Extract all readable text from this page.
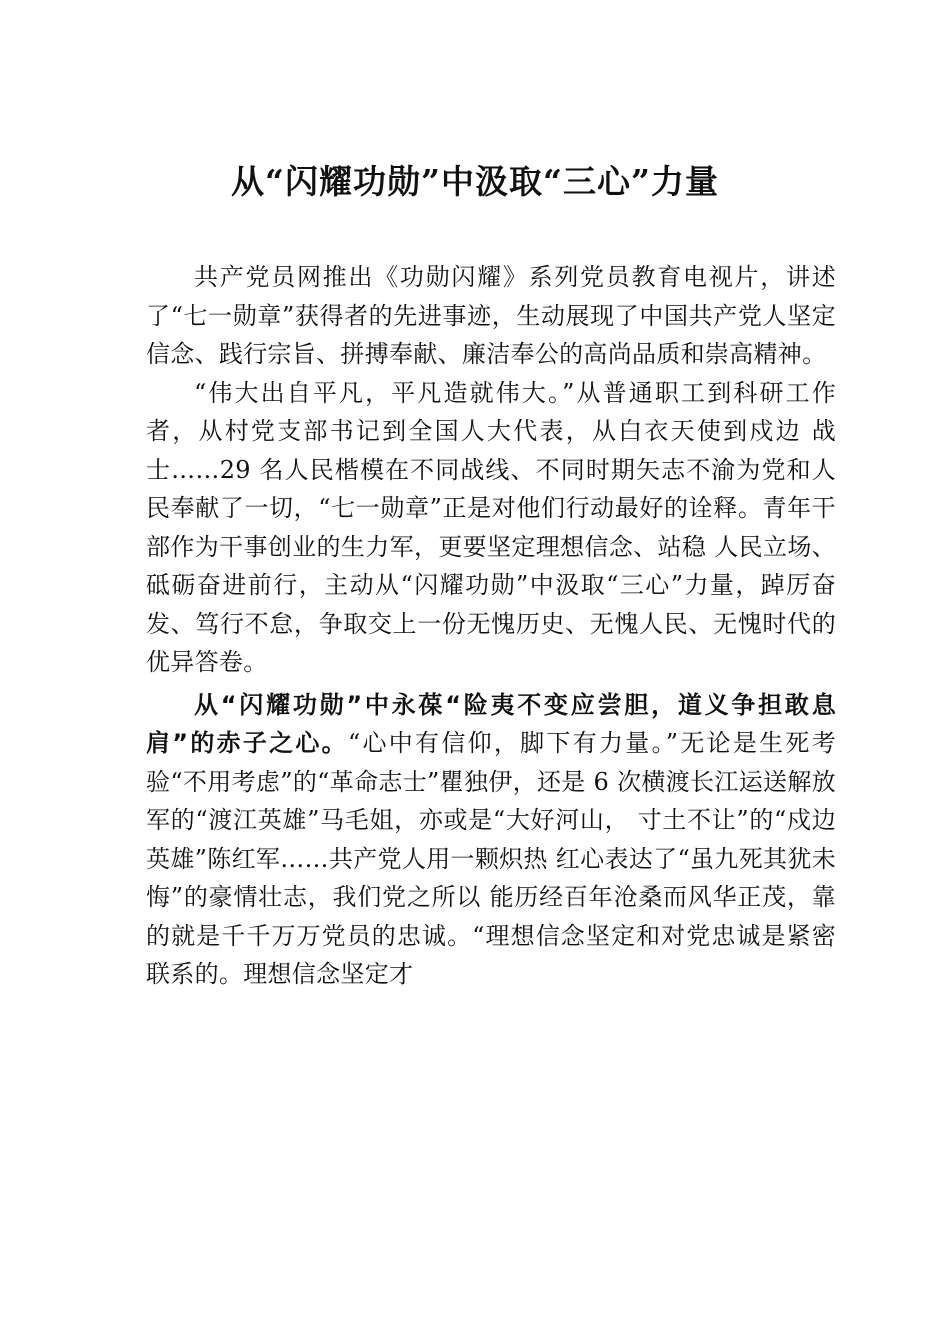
从“闪耀功勋”中汲取“三心”力量

共产党员网推出《功勋闪耀》系列党员教育电视片，讲述了“七一勋章”获得者的先进事迹，生动展现了中国共产党人坚定信念、践行宗旨、拼搏奉献、廉洁奉公的高尚品质和崇高精神。

“伟大出自平凡，平凡造就伟大。”从普通职工到科研工作者，从村党支部书记到全国人大代表，从白衣天使到戍边 战士……29 名人民楷模在不同战线、不同时期矢志不渝为党和人民奉献了一切，“七一勋章”正是对他们行动最好的诠释。青年干部作为干事创业的生力军，更要坚定理想信念、站稳 人民立场、砥砺奋进前行，主动从“闪耀功勋”中汲取“三心”力量，踔厉奋发、笃行不怠，争取交上一份无愧历史、无愧人民、无愧时代的优异答卷。

从“闪耀功勋”中永葆“险夷不变应尝胆，道义争担敢息肩”的赤子之心。“心中有信仰，脚下有力量。”无论是生死考验“不用考虑”的“革命志士”瞿独伊，还是 6 次横渡长江运送解放军的“渡江英雄”马毛姐，亦或是“大好河山， 寸土不让”的“戍边英雄”陈红军……共产党人用一颗炽热 红心表达了“虽九死其犹未悔”的豪情壮志，我们党之所以 能历经百年沧桑而风华正茂，靠的就是千千万万党员的忠诚。“理想信念坚定和对党忠诚是紧密联系的。理想信念坚定才
